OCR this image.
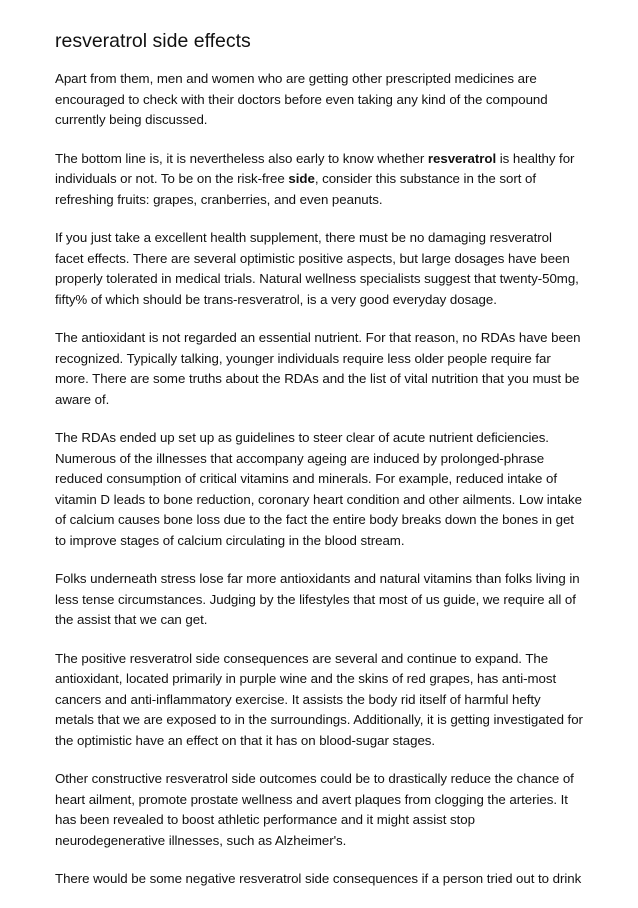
resveratrol side effects

Apart from them, men and women who are getting other prescripted medicines are encouraged to check with their doctors before even taking any kind of the compound currently being discussed.

The bottom line is, it is nevertheless also early to know whether resveratrol is healthy for individuals or not. To be on the risk-free side, consider this substance in the sort of refreshing fruits: grapes, cranberries, and even peanuts.

If you just take a excellent health supplement, there must be no damaging resveratrol facet effects. There are several optimistic positive aspects, but large dosages have been properly tolerated in medical trials. Natural wellness specialists suggest that twenty-50mg, fifty% of which should be trans-resveratrol, is a very good everyday dosage.

The antioxidant is not regarded an essential nutrient. For that reason, no RDAs have been recognized. Typically talking, younger individuals require less older people require far more. There are some truths about the RDAs and the list of vital nutrition that you must be aware of.

The RDAs ended up set up as guidelines to steer clear of acute nutrient deficiencies. Numerous of the illnesses that accompany ageing are induced by prolonged-phrase reduced consumption of critical vitamins and minerals. For example, reduced intake of vitamin D leads to bone reduction, coronary heart condition and other ailments. Low intake of calcium causes bone loss due to the fact the entire body breaks down the bones in get to improve stages of calcium circulating in the blood stream.

Folks underneath stress lose far more antioxidants and natural vitamins than folks living in less tense circumstances. Judging by the lifestyles that most of us guide, we require all of the assist that we can get.

The positive resveratrol side consequences are several and continue to expand. The antioxidant, located primarily in purple wine and the skins of red grapes, has anti-most cancers and anti-inflammatory exercise. It assists the body rid itself of harmful hefty metals that we are exposed to in the surroundings. Additionally, it is getting investigated for the optimistic have an effect on that it has on blood-sugar stages.

Other constructive resveratrol side outcomes could be to drastically reduce the chance of heart ailment, promote prostate wellness and avert plaques from clogging the arteries. It has been revealed to boost athletic performance and it might assist stop neurodegenerative illnesses, such as Alzheimer's.

There would be some negative resveratrol side consequences if a person tried out to drink
